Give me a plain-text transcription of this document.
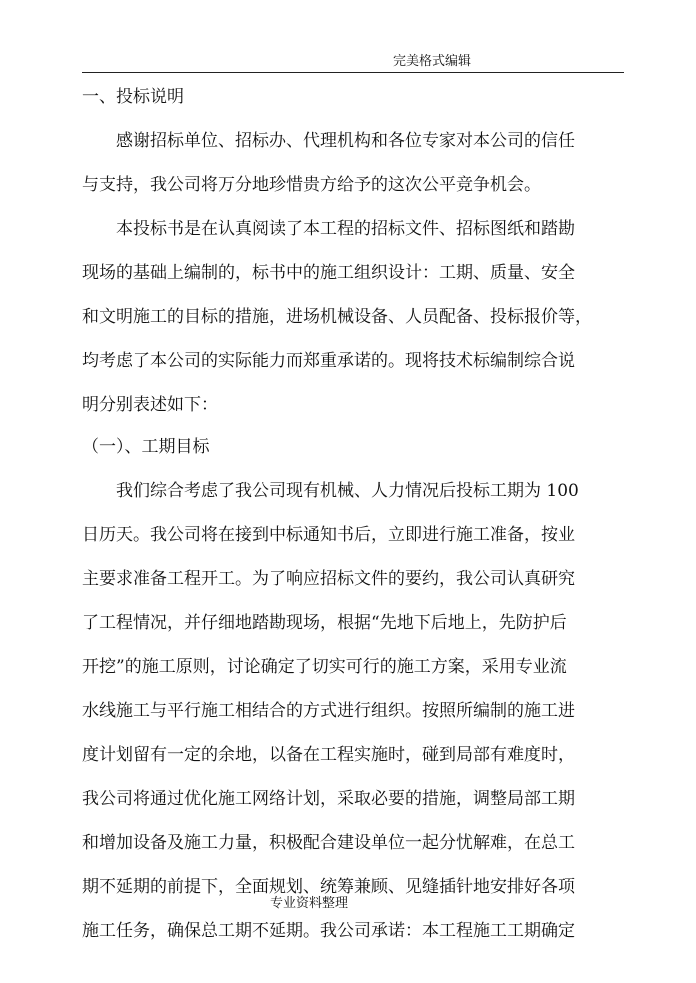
完美格式编辑
一、投标说明
感谢招标单位、招标办、代理机构和各位专家对本公司的信任
与支持，我公司将万分地珍惜贵方给予的这次公平竞争机会。
本投标书是在认真阅读了本工程的招标文件、招标图纸和踏勘
现场的基础上编制的，标书中的施工组织设计：工期、质量、安全
和文明施工的目标的措施，进场机械设备、人员配备、投标报价等，
均考虑了本公司的实际能力而郑重承诺的。现将技术标编制综合说
明分别表述如下：
（一）、工期目标
我们综合考虑了我公司现有机械、人力情况后投标工期为 100
日历天。我公司将在接到中标通知书后，立即进行施工准备，按业
主要求准备工程开工。为了响应招标文件的要约，我公司认真研究
了工程情况，并仔细地踏勘现场，根据“先地下后地上，先防护后
开挖”的施工原则，讨论确定了切实可行的施工方案，采用专业流
水线施工与平行施工相结合的方式进行组织。按照所编制的施工进
度计划留有一定的余地，以备在工程实施时，碰到局部有难度时，
我公司将通过优化施工网络计划，采取必要的措施，调整局部工期
和增加设备及施工力量，积极配合建设单位一起分忧解难，在总工
期不延期的前提下，全面规划、统筹兼顾、见缝插针地安排好各项
施工任务，确保总工期不延期。我公司承诺：本工程施工工期确定
专业资料整理
